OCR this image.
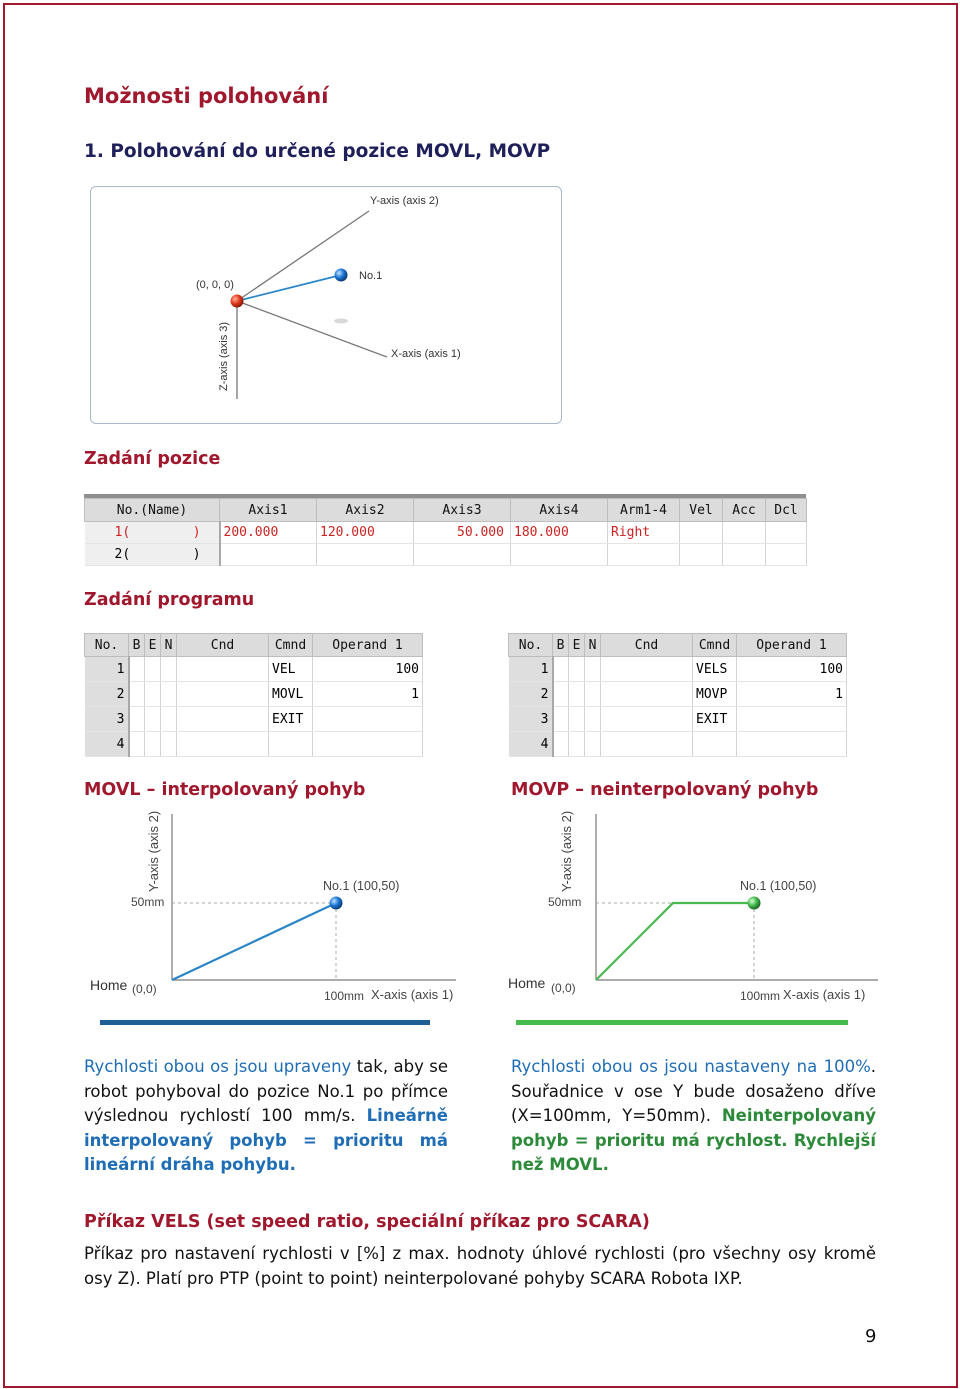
Možnosti polohování
1. Polohování do určené pozice MOVL, MOVP
Y-axis (axis 2)
(0, 0, 0)
No.1
X-axis (axis 1)
Z-axis (axis 3)
Zadání pozice
No.(Name)	Axis1	Axis2	Axis3	Axis4	Arm1-4	Vel	Acc	Dcl
1(        )	200.000	120.000	50.000	180.000	Right			
2(        )								
Zadání programu
No.	B	E	N	Cnd	Cmnd	Operand 1
1					VEL	100
2					MOVL	1
3					EXIT	
4						
No.	B	E	N	Cnd	Cmnd	Operand 1
1					VELS	100
2					MOVP	1
3					EXIT	
4						
MOVL – interpolovaný pohyb	MOVP – neinterpolovaný pohyb
Y-axis (axis 2)
50mm
No.1 (100,50)
Home (0,0)	100mm X-axis (axis 1)
Y-axis (axis 2)
50mm
No.1 (100,50)
Home (0,0)
100mm X-axis (axis 1)
Rychlosti obou os jsou upraveny tak, aby se robot pohyboval do pozice No.1 po přímce výslednou rychlostí 100 mm/s. Lineárně interpolovaný pohyb = prioritu má lineární dráha pohybu.
Rychlosti obou os jsou nastaveny na 100%. Souřadnice v ose Y bude dosaženo dříve (X=100mm, Y=50mm). Neinterpolovaný pohyb = prioritu má rychlost. Rychlejší než MOVL.
Příkaz VELS (set speed ratio, speciální příkaz pro SCARA)
Příkaz pro nastavení rychlosti v [%] z max. hodnoty úhlové rychlosti (pro všechny osy kromě osy Z). Platí pro PTP (point to point) neinterpolované pohyby SCARA Robota IXP.
9
